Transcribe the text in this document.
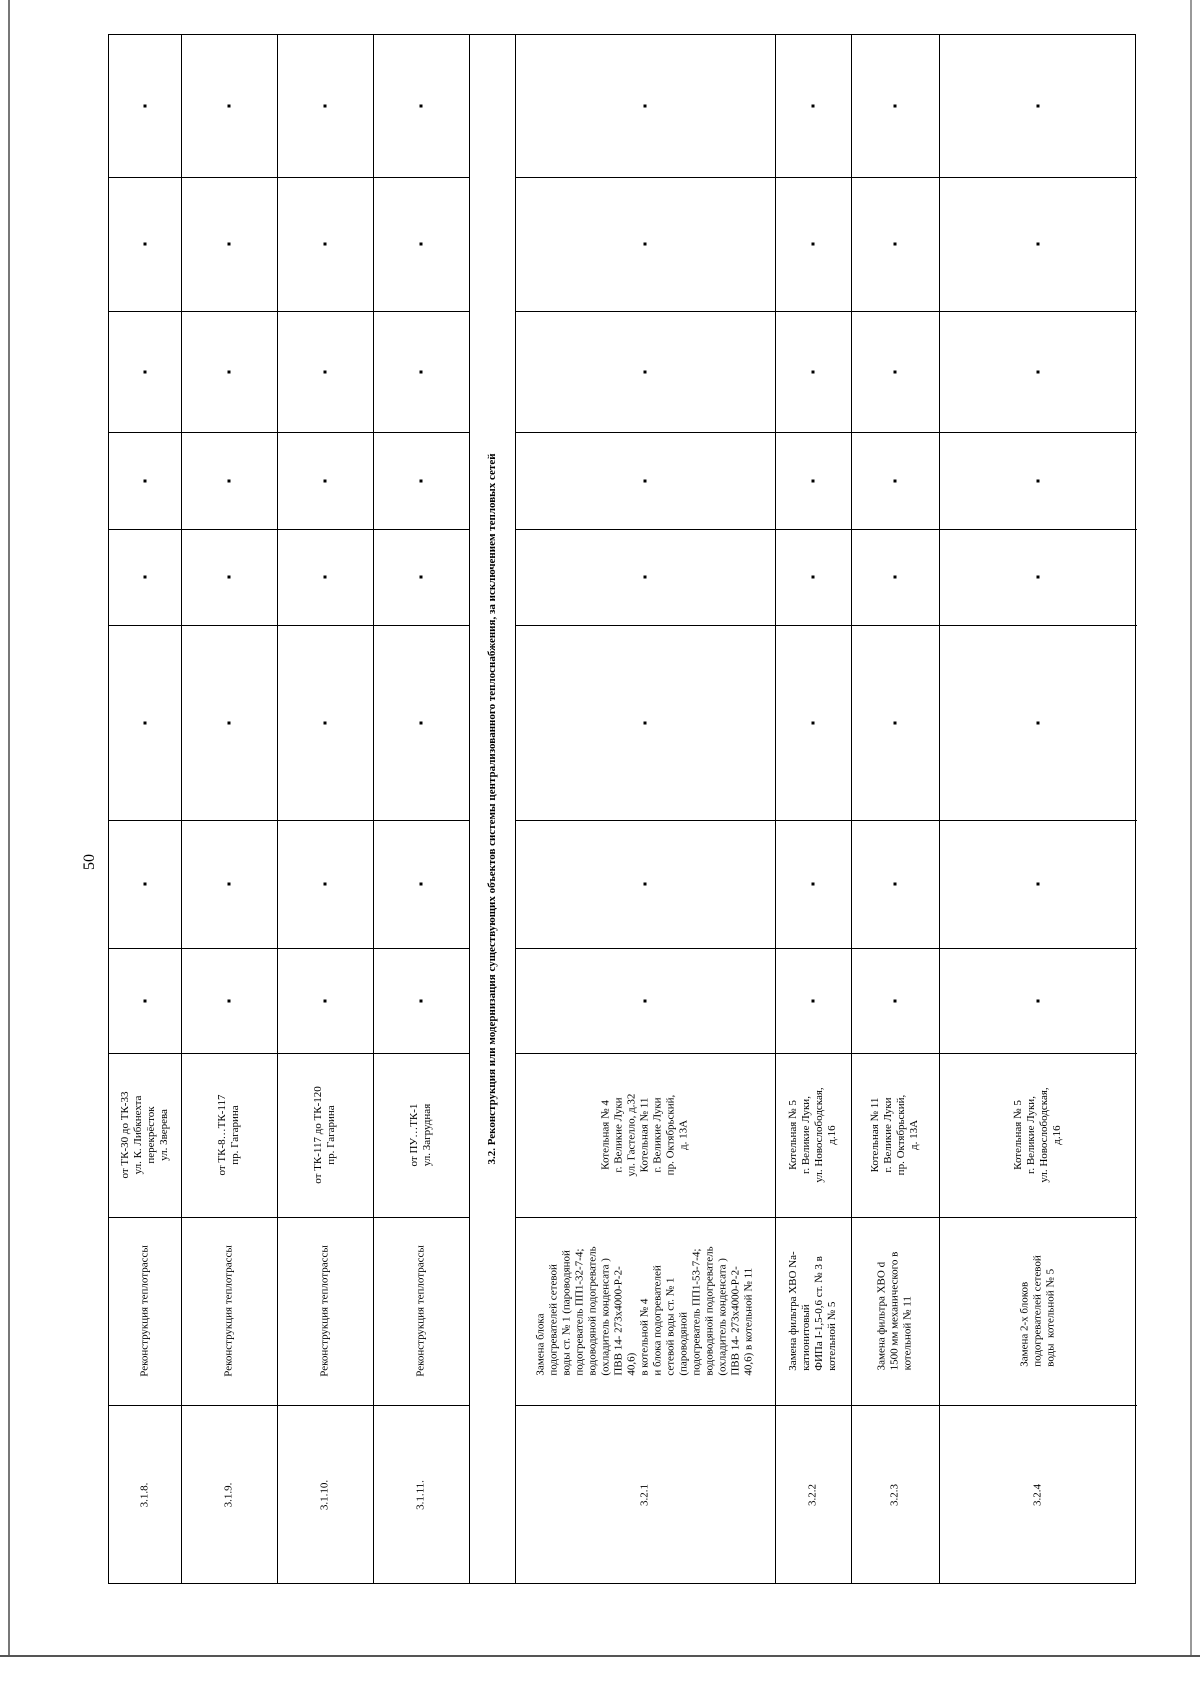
50
от ТК-30 до ТК-33
ул. К. Либкнехта
перекрёсток
ул. Зверева
Реконструкция теплотрассы
3.1.8.
от ТК-8…ТК-117
пр. Гагарина
Реконструкция теплотрассы
3.1.9.
от ТК-117 до ТК-120
пр. Гагарина
Реконструкция теплотрассы
3.1.10.
от ПУ…ТК-1
ул. Загрудная
Реконструкция теплотрассы
3.1.11.
3.2. Реконструкция или модернизация существующих объектов системы централизованного теплоснабжения, за исключением тепловых сетей	Котельная № 4
г. Великие Луки
ул. Гастелло, д.32
Котельная № 11
г. Великие Луки
пр. Октябрьский,
д. 13А
Замена блока
подогревателей сетевой
воды ст. № 1 (пароводяной
подогреватель ПП1-32-7-4;
водоводяной подогреватель
(охладитель конденсата )
ПВВ 14- 273х4000-Р-2-
40,6)
в котельной № 4
и блока подогревателей
сетевой воды ст. № 1
(пароводяной
подогреватель ПП1-53-7-4;
водоводяной подогреватель
(охладитель конденсата )
ПВВ 14- 273х4000-Р-2-
40,6) в котельной № 11
3.2.1
Котельная № 5
г. Великие Луки,
ул. Новослободская,
д.16
Замена фильтра ХВО Na-
катионитовый
ФИПа I-1,5-0,6 ст. № 3 в
котельной № 5
3.2.2
Котельная № 11
г. Великие Луки
пр. Октябрьский,
д. 13А
Замена фильтра ХВО d
1500 мм механического в
котельной № 11
3.2.3
Котельная № 5
г. Великие Луки,
ул. Новослободская,
д.16
Замена 2-х блоков
подогревателей сетевой
воды  котельной № 5
3.2.4
